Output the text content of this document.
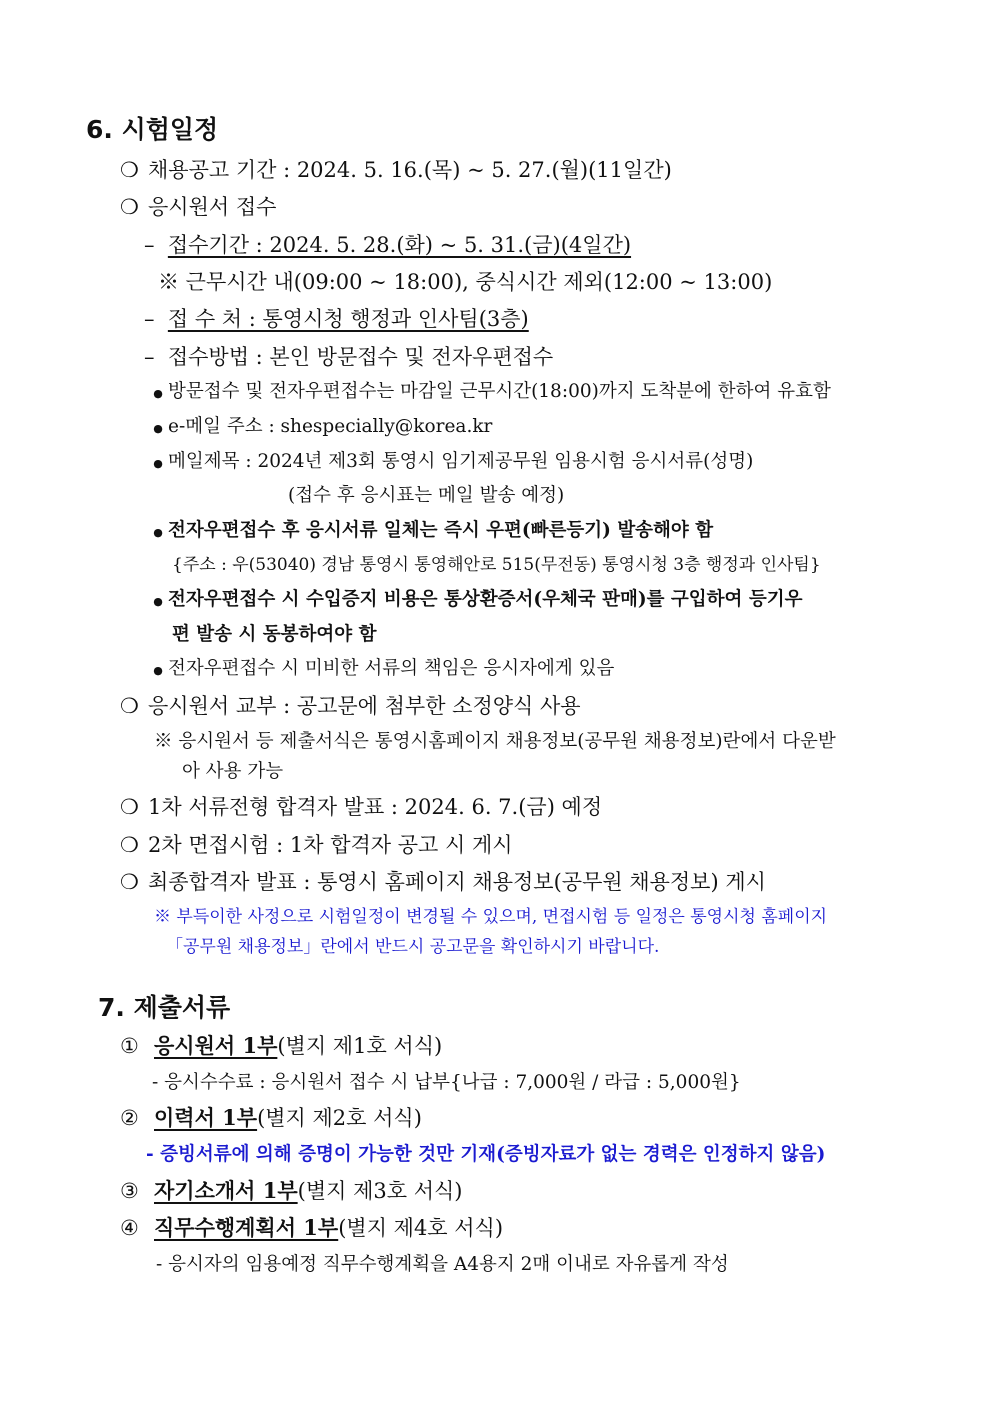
6. 시험일정
❍ 채용공고 기간 : 2024. 5. 16.(목) ~ 5. 27.(월)(11일간)
❍ 응시원서 접수
– 접수기간 : 2024. 5. 28.(화) ~ 5. 31.(금)(4일간)
※ 근무시간 내(09:00 ~ 18:00), 중식시간 제외(12:00 ~ 13:00)
– 접 수 처 : 통영시청 행정과 인사팀(3층)
– 접수방법 : 본인 방문접수 및 전자우편접수
● 방문접수 및 전자우편접수는 마감일 근무시간(18:00)까지 도착분에 한하여 유효함
● e-메일 주소 : shespecially@korea.kr
● 메일제목 : 2024년 제3회 통영시 임기제공무원 임용시험 응시서류(성명)
(접수 후 응시표는 메일 발송 예정)
● 전자우편접수 후 응시서류 일체는 즉시 우편(빠른등기) 발송해야 함
{주소 : 우(53040) 경남 통영시 통영해안로 515(무전동) 통영시청 3층 행정과 인사팀}
● 전자우편접수 시 수입증지 비용은 통상환증서(우체국 판매)를 구입하여 등기우
편 발송 시 동봉하여야 함
● 전자우편접수 시 미비한 서류의 책임은 응시자에게 있음
❍ 응시원서 교부 : 공고문에 첨부한 소정양식 사용
※ 응시원서 등 제출서식은 통영시홈페이지 채용정보(공무원 채용정보)란에서 다운받
아 사용 가능
❍ 1차 서류전형 합격자 발표 : 2024. 6. 7.(금) 예정
❍ 2차 면접시험 : 1차 합격자 공고 시 게시
❍ 최종합격자 발표 : 통영시 홈페이지 채용정보(공무원 채용정보) 게시
※ 부득이한 사정으로 시험일정이 변경될 수 있으며, 면접시험 등 일정은 통영시청 홈페이지
「공무원 채용정보」란에서 반드시 공고문을 확인하시기 바랍니다.
7. 제출서류
① 응시원서 1부(별지 제1호 서식)
- 응시수수료 : 응시원서 접수 시 납부{나급 : 7,000원 / 라급 : 5,000원}
② 이력서 1부(별지 제2호 서식)
- 증빙서류에 의해 증명이 가능한 것만 기재(증빙자료가 없는 경력은 인정하지 않음)
③ 자기소개서 1부(별지 제3호 서식)
④ 직무수행계획서 1부(별지 제4호 서식)
- 응시자의 임용예정 직무수행계획을 A4용지 2매 이내로 자유롭게 작성
